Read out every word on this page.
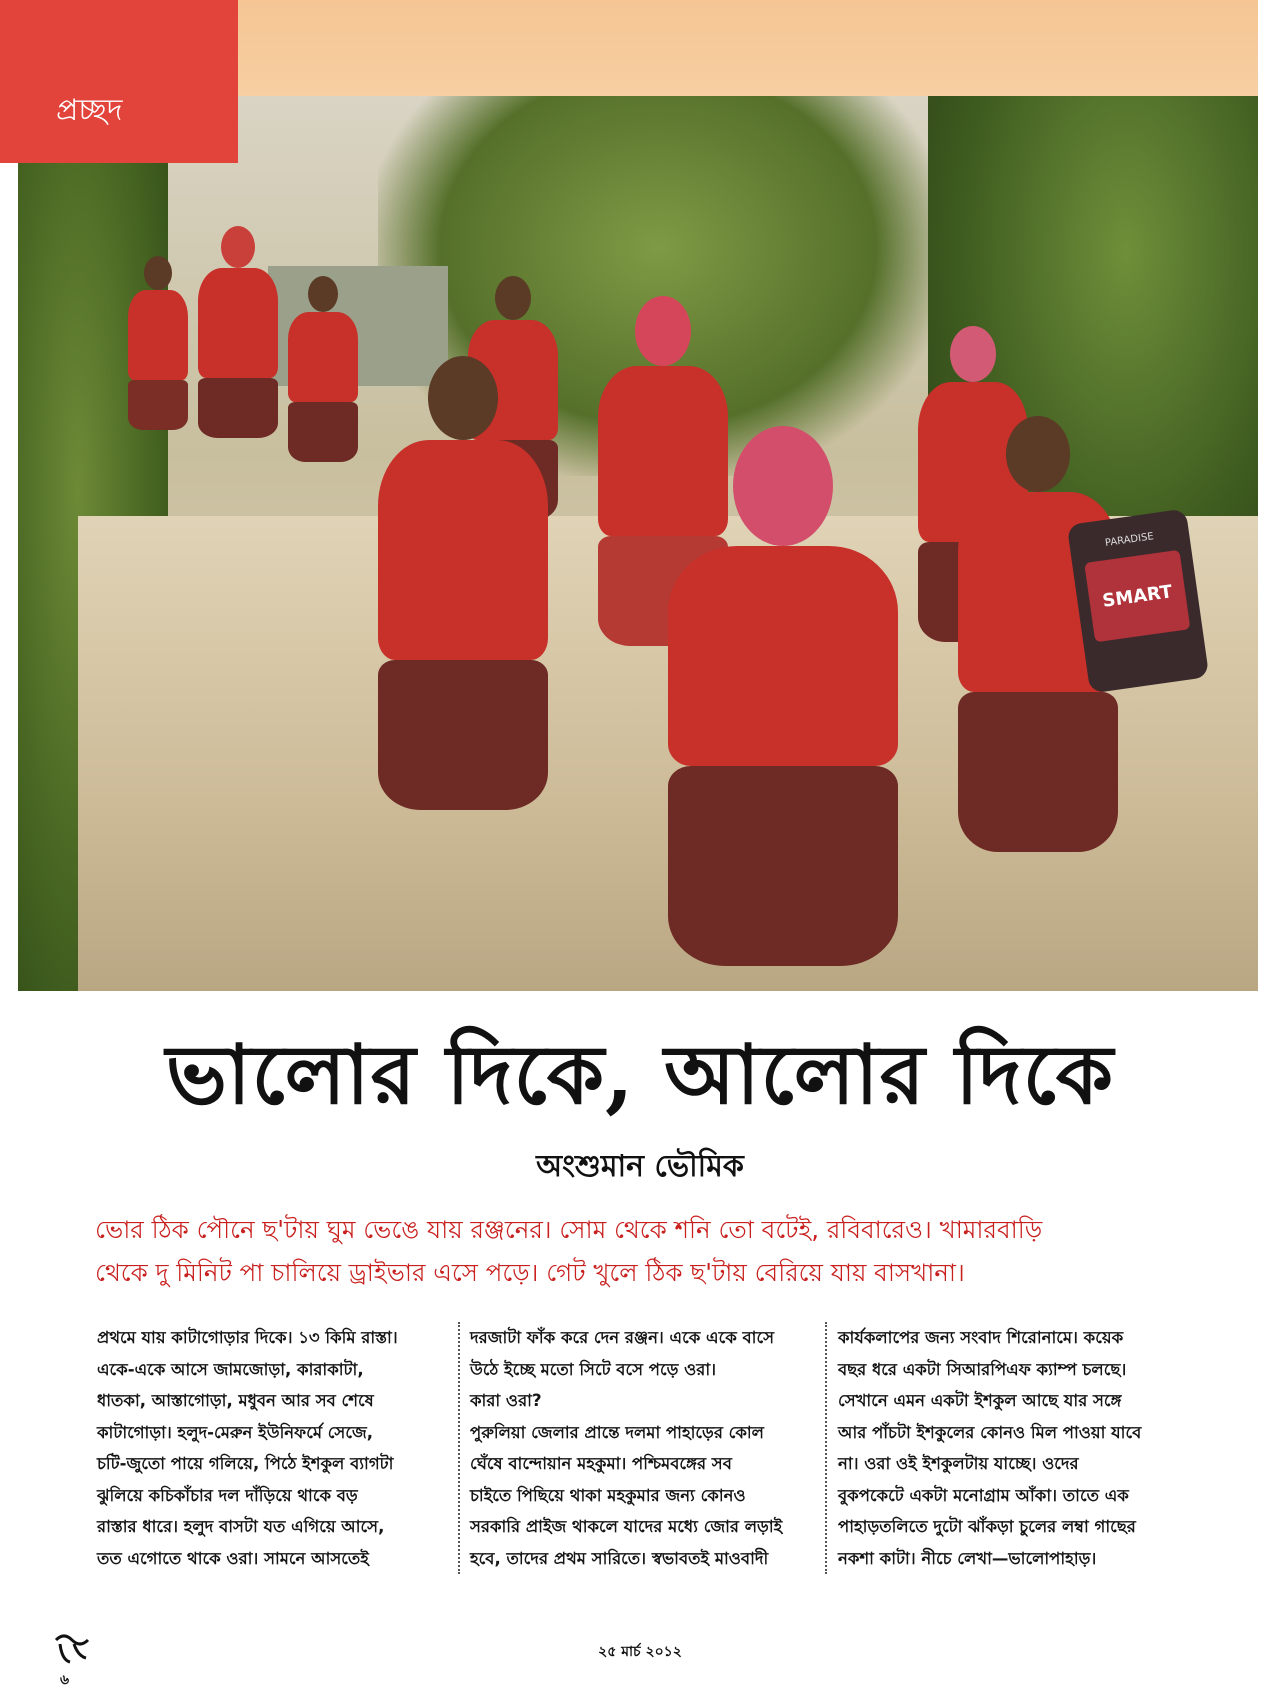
PARADISE
SMART
প্রচ্ছদ
ভালোর দিকে, আলোর দিকে
অংশুমান ভৌমিক

ভোর ঠিক পৌনে ছ'টায় ঘুম ভেঙে যায় রঞ্জনের। সোম থেকে শনি তো বটেই, রবিবারেও। খামারবাড়ি

থেকে দু মিনিট পা চালিয়ে ড্রাইভার এসে পড়ে। গেট খুলে ঠিক ছ'টায় বেরিয়ে যায় বাসখানা।

প্রথমে যায় কাটাগোড়ার দিকে। ১৩ কিমি রাস্তা।

একে-একে আসে জামজোড়া, কারাকাটা,

ধাতকা, আস্তাগোড়া, মধুবন আর সব শেষে

কাটাগোড়া। হলুদ-মেরুন ইউনিফর্মে সেজে,

চটি-জুতো পায়ে গলিয়ে, পিঠে ইশকুল ব্যাগটা

ঝুলিয়ে কচিকাঁচার দল দাঁড়িয়ে থাকে বড়

রাস্তার ধারে। হলুদ বাসটা যত এগিয়ে আসে,

তত এগোতে থাকে ওরা। সামনে আসতেই

দরজাটা ফাঁক করে দেন রঞ্জন। একে একে বাসে

উঠে ইচ্ছে মতো সিটে বসে পড়ে ওরা।

কারা ওরা?

পুরুলিয়া জেলার প্রান্তে দলমা পাহাড়ের কোল

ঘেঁষে বান্দোয়ান মহকুমা। পশ্চিমবঙ্গের সব

চাইতে পিছিয়ে থাকা মহকুমার জন্য কোনও

সরকারি প্রাইজ থাকলে যাদের মধ্যে জোর লড়াই

হবে, তাদের প্রথম সারিতে। স্বভাবতই মাওবাদী

কার্যকলাপের জন্য সংবাদ শিরোনামে। কয়েক

বছর ধরে একটা সিআরপিএফ ক্যাম্প চলছে।

সেখানে এমন একটা ইশকুল আছে যার সঙ্গে

আর পাঁচটা ইশকুলের কোনও মিল পাওয়া যাবে

না। ওরা ওই ইশকুলটায় যাচ্ছে। ওদের

বুকপকেটে একটা মনোগ্রাম আঁকা। তাতে এক

পাহাড়তলিতে দুটো ঝাঁকড়া চুলের লম্বা গাছের

নকশা কাটা। নীচে লেখা—ভালোপাহাড়।

৬
২৫ মার্চ ২০১২
